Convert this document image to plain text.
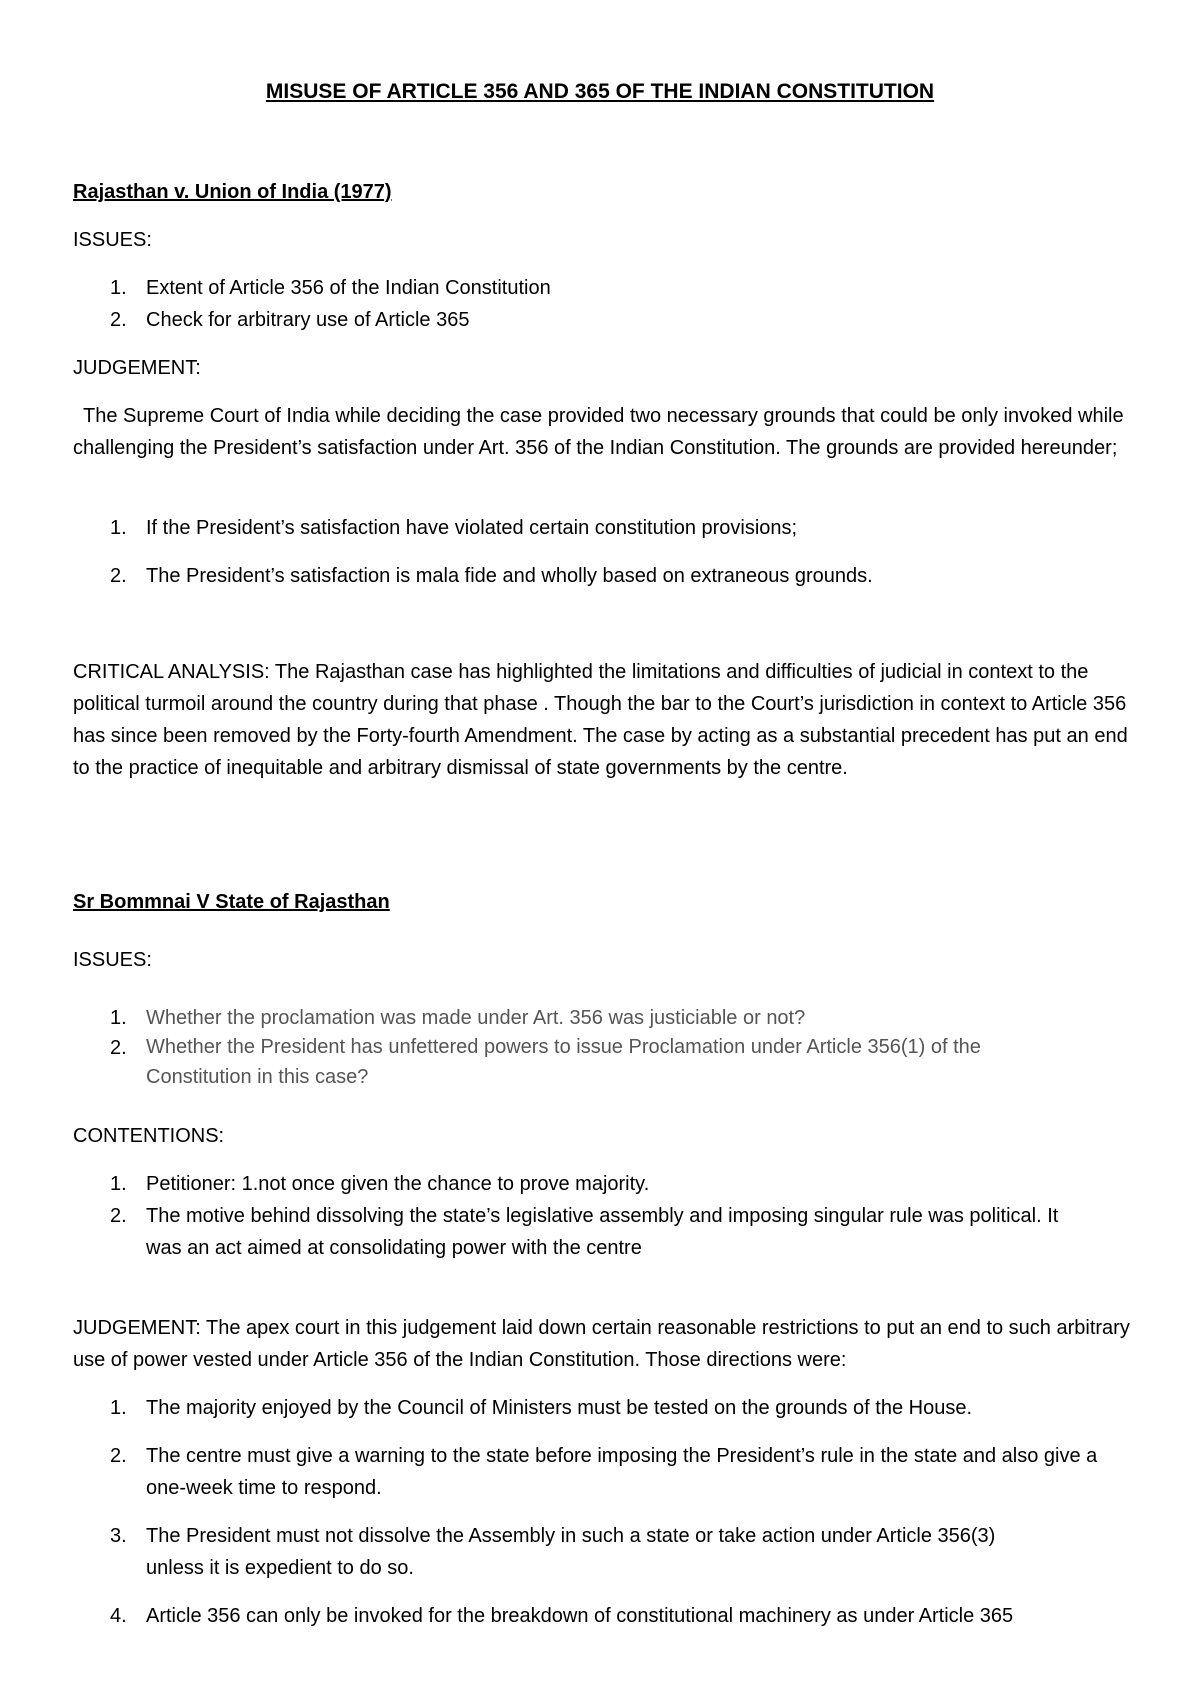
MISUSE OF ARTICLE 356 AND 365 OF THE INDIAN CONSTITUTION
Rajasthan v. Union of India (1977)
ISSUES:
1. Extent of Article 356 of the Indian Constitution
2. Check for arbitrary use of Article 365
JUDGEMENT:

The Supreme Court of India while deciding the case provided two necessary grounds that could be only invoked while challenging the President’s satisfaction under Art. 356 of the Indian Constitution. The grounds are provided hereunder;

1. If the President’s satisfaction have violated certain constitution provisions;
2. The President’s satisfaction is mala fide and wholly based on extraneous grounds.

CRITICAL ANALYSIS: The Rajasthan case has highlighted the limitations and difficulties of judicial in context to the political turmoil around the country during that phase . Though the bar to the Court’s jurisdiction in context to Article 356 has since been removed by the Forty-fourth Amendment. The case by acting as a substantial precedent has put an end to the practice of inequitable and arbitrary dismissal of state governments by the centre.

Sr Bommnai V State of Rajasthan
ISSUES:
1. Whether the proclamation was made under Art. 356 was justiciable or not?
2. Whether the President has unfettered powers to issue Proclamation under Article 356(1) of the Constitution in this case?
CONTENTIONS:
1. Petitioner: 1.not once given the chance to prove majority.
2. The motive behind dissolving the state’s legislative assembly and imposing singular rule was political. It was an act aimed at consolidating power with the centre

JUDGEMENT: The apex court in this judgement laid down certain reasonable restrictions to put an end to such arbitrary use of power vested under Article 356 of the Indian Constitution. Those directions were:

1. The majority enjoyed by the Council of Ministers must be tested on the grounds of the House.
2. The centre must give a warning to the state before imposing the President’s rule in the state and also give a one-week time to respond.
3. The President must not dissolve the Assembly in such a state or take action under Article 356(3) unless it is expedient to do so.
4. Article 356 can only be invoked for the breakdown of constitutional machinery as under Article 365
